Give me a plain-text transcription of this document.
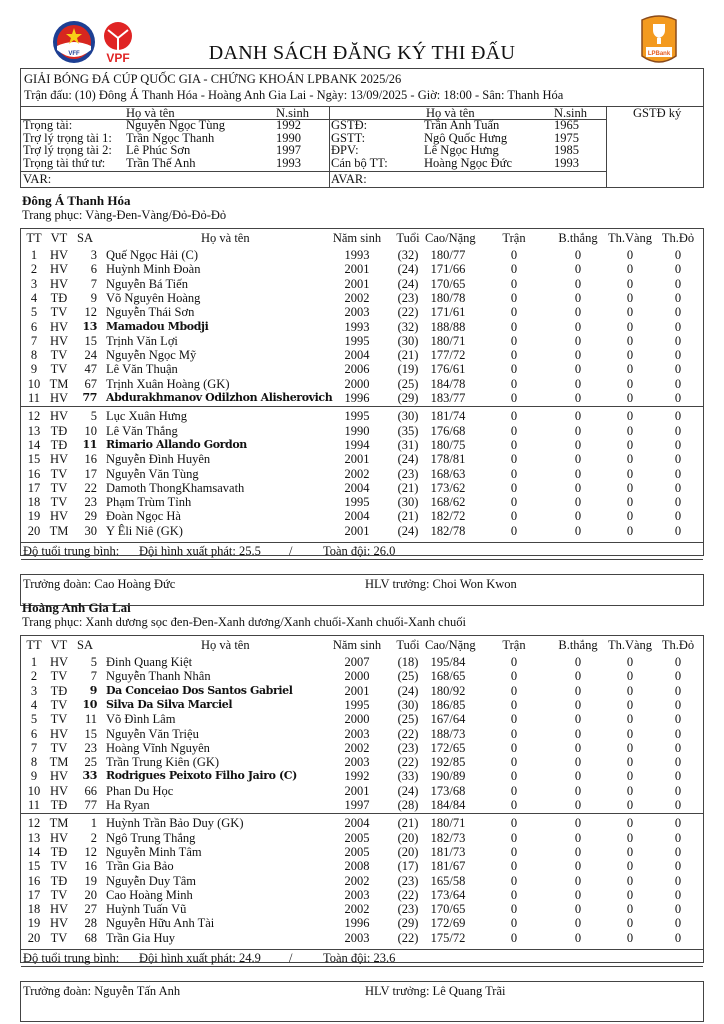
VFF VPF	LPBank
DANH SÁCH ĐĂNG KÝ THI ĐẤU
GIẢI BÓNG ĐÁ CÚP QUỐC GIA - CHỨNG KHOÁN LPBANK 2025/26
Trận đấu: (10) Đông Á Thanh Hóa - Hoàng Anh Gia Lai - Ngày: 13/09/2025 - Giờ: 18:00 - Sân: Thanh Hóa
Họ và tên	N.sinh	Họ và tên	N.sinh	GSTĐ ký
Trọng tài:	Nguyễn Ngọc Tùng	1992 GSTĐ:	Trần Anh Tuấn	1965
Trợ lý trọng tài 1: Trần Ngọc Thanh	1990 GSTT:	Ngô Quốc Hưng	1975
Trợ lý trọng tài 2: Lê Phúc Sơn	1997 ĐPV:	Lê Ngọc Hưng	1985
Trọng tài thứ tư: Trần Thế Anh	1993 Cán bộ TT:	Hoàng Ngọc Đức	1993
VAR:	AVAR:
Đông Á Thanh Hóa
Trang phục: Vàng-Đen-Vàng/Đỏ-Đỏ-Đỏ
TT VT SA	Họ và tên	Năm sinh Tuổi Cao/Nặng Trận	B.thắng Th.Vàng Th.Đỏ
1	HV	3 Quế Ngọc Hải (C)	1993	(32) 180/77	0	0	0	0
2	HV	6 Huỳnh Minh Đoàn	2001	(24) 171/66	0	0	0	0
3	HV	7 Nguyễn Bá Tiến	2001	(24) 170/65	0	0	0	0
4	TĐ	9 Võ Nguyên Hoàng	2002	(23) 180/78	0	0	0	0
5	TV	12 Nguyễn Thái Sơn	2003	(22) 171/61	0	0	0	0
6	HV	13 Mamadou Mbodji	1993	(32) 188/88	0	0	0	0
7	HV	15 Trịnh Văn Lợi	1995	(30) 180/71	0	0	0	0
8	TV	24 Nguyễn Ngọc Mỹ	2004	(21) 177/72	0	0	0	0
9	TV	47 Lê Văn Thuận	2006	(19) 176/61	0	0	0	0
10 TM	67 Trịnh Xuân Hoàng (GK)	2000	(25) 184/78	0	0	0	0
11 HV	77 Abdurakhmanov Odilzhon Alisherovich 1996	(29) 183/77	0	0	0	0
12 HV	5 Lục Xuân Hưng	1995	(30) 181/74	0	0	0	0
13 TĐ	10 Lê Văn Thắng	1990	(35) 176/68	0	0	0	0
14 TĐ	11 Rimario Allando Gordon	1994	(31) 180/75	0	0	0	0
15 HV	16 Nguyễn Đình Huyên	2001	(24) 178/81	0	0	0	0
16 TV	17 Nguyễn Văn Tùng	2002	(23) 168/63	0	0	0	0
17 TV	22 Damoth ThongKhamsavath	2004	(21) 173/62	0	0	0	0
18 TV	23 Phạm Trùm Tỉnh	1995	(30) 168/62	0	0	0	0
19 HV	29 Đoàn Ngọc Hà	2004	(21) 182/72	0	0	0	0
20 TM	30 Y Êli Niê (GK)	2001	(24) 182/78	0	0	0	0
Độ tuổi trung bình: Đội hình xuất phát: 25.5 / Toàn đội: 26.0
Trưởng đoàn: Cao Hoàng Đức	HLV trưởng: Choi Won Kwon
Hoàng Anh Gia Lai
Trang phục: Xanh dương sọc đen-Đen-Xanh dương/Xanh chuối-Xanh chuối-Xanh chuối
TT VT SA	Họ và tên	Năm sinh Tuổi Cao/Nặng Trận	B.thắng Th.Vàng Th.Đỏ
1	HV	5 Đinh Quang Kiệt	2007	(18) 195/84	0	0	0	0
2	TV	7 Nguyễn Thanh Nhân	2000	(25) 168/65	0	0	0	0
3	TĐ	9 Da Conceiao Dos Santos Gabriel	2001	(24) 180/92	0	0	0	0
4	TV	10 Silva Da Silva Marciel	1995	(30) 186/85	0	0	0	0
5	TV	11 Võ Đình Lâm	2000	(25) 167/64	0	0	0	0
6	HV	15 Nguyễn Văn Triệu	2003	(22) 188/73	0	0	0	0
7	TV	23 Hoàng Vĩnh Nguyên	2002	(23) 172/65	0	0	0	0
8	TM	25 Trần Trung Kiên (GK)	2003	(22) 192/85	0	0	0	0
9	HV	33 Rodrigues Peixoto Filho Jairo (C)	1992	(33) 190/89	0	0	0	0
10 HV	66 Phan Du Học	2001	(24) 173/68	0	0	0	0
11 TĐ	77 Ha Ryan	1997	(28) 184/84	0	0	0	0
12 TM	1 Huỳnh Trần Bảo Duy (GK)	2004	(21) 180/71	0	0	0	0
13 HV	2 Ngô Trung Thắng	2005	(20) 182/73	0	0	0	0
14 TĐ	12 Nguyễn Minh Tâm	2005	(20) 181/73	0	0	0	0
15 TV	16 Trần Gia Bảo	2008	(17) 181/67	0	0	0	0
16 TĐ	19 Nguyễn Duy Tâm	2002	(23) 165/58	0	0	0	0
17 TV	20 Cao Hoàng Minh	2003	(22) 173/64	0	0	0	0
18 HV	27 Huỳnh Tuấn Vũ	2002	(23) 170/65	0	0	0	0
19 HV	28 Nguyễn Hữu Anh Tài	1996	(29) 172/69	0	0	0	0
20 TV	68 Trần Gia Huy	2003	(22) 175/72	0	0	0	0
Độ tuổi trung bình: Đội hình xuất phát: 24.9 / Toàn đội: 23.6
Trưởng đoàn: Nguyễn Tấn Anh	HLV trưởng: Lê Quang Trãi
